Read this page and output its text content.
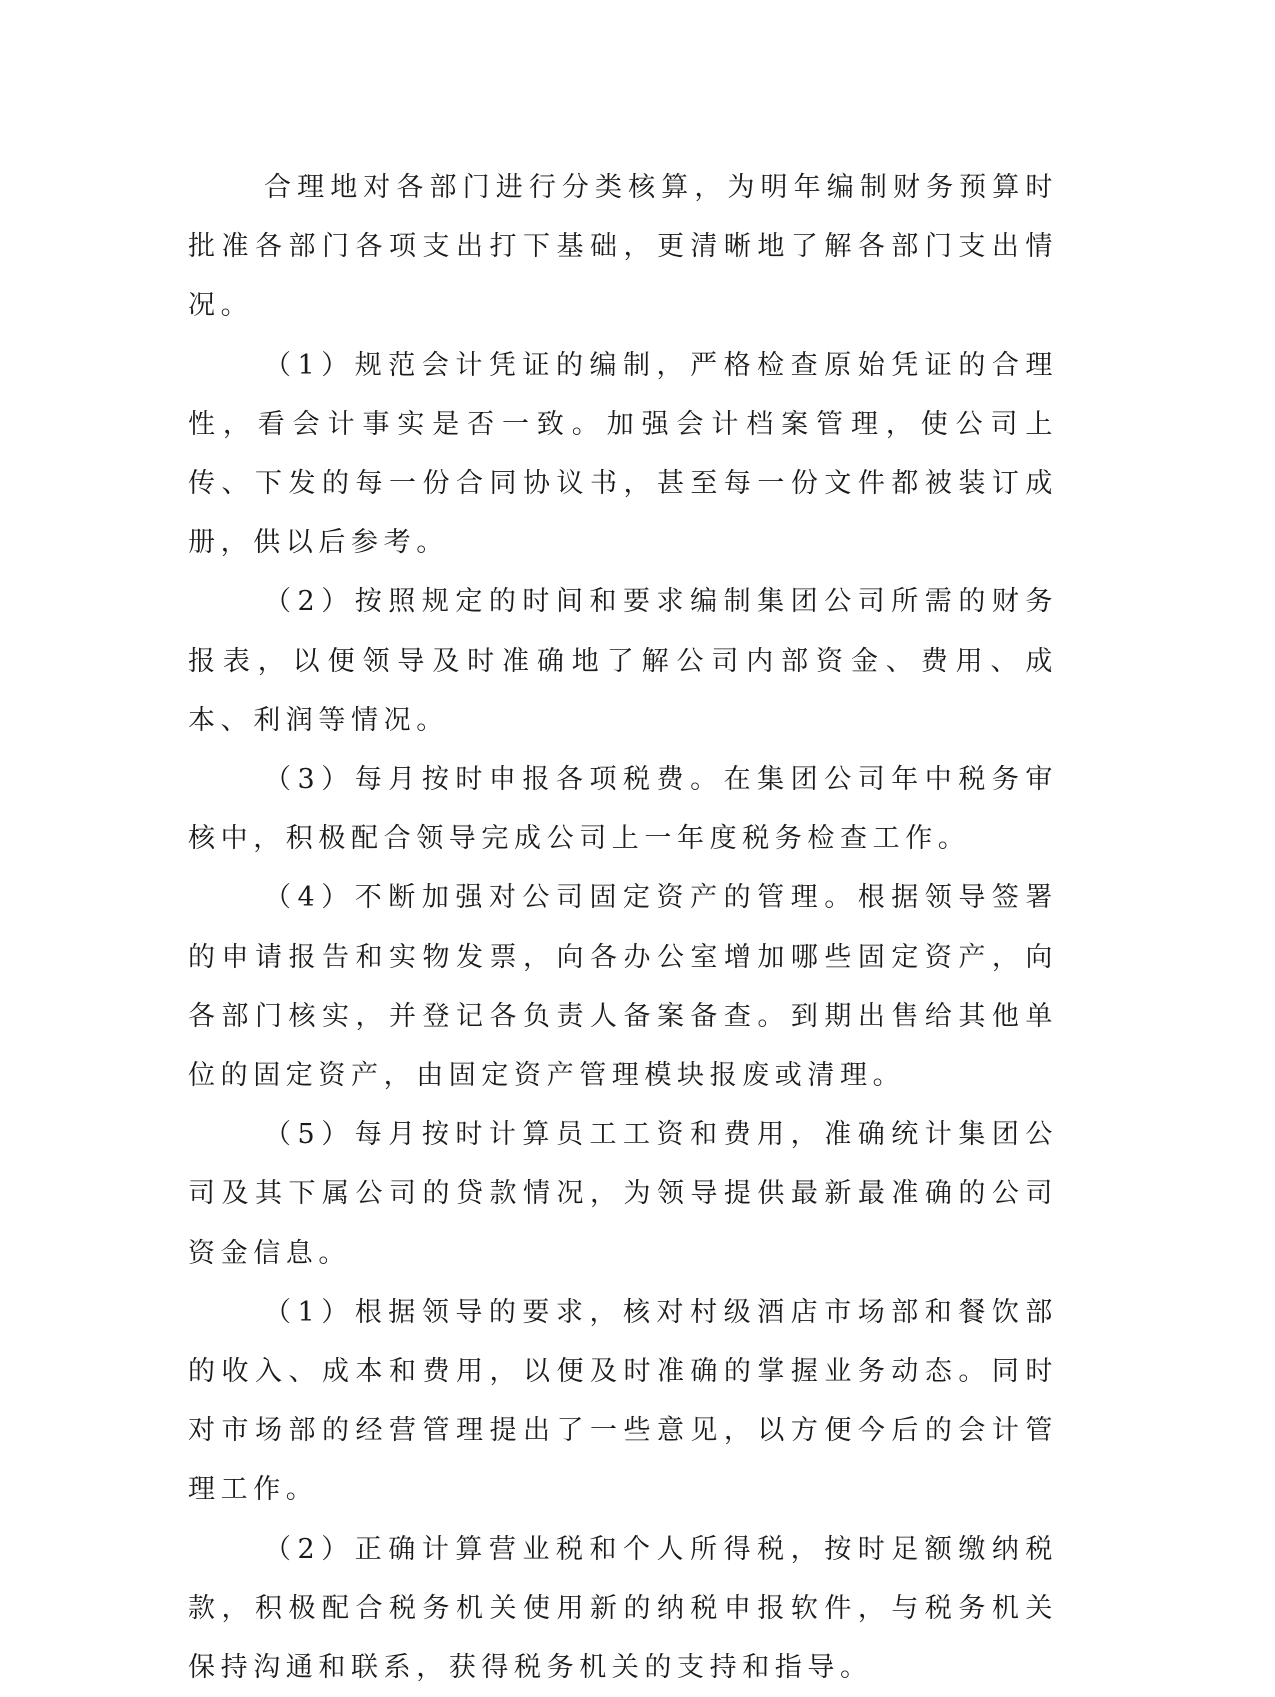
合理地对各部门进行分类核算，为明年编制财务预算时批准各部门各项支出打下基础，更清晰地了解各部门支出情况。

（1）规范会计凭证的编制，严格检查原始凭证的合理性，看会计事实是否一致。加强会计档案管理，使公司上传、下发的每一份合同协议书，甚至每一份文件都被装订成册，供以后参考。

（2）按照规定的时间和要求编制集团公司所需的财务报表，以便领导及时准确地了解公司内部资金、费用、成本、利润等情况。

（3）每月按时申报各项税费。在集团公司年中税务审核中，积极配合领导完成公司上一年度税务检查工作。

（4）不断加强对公司固定资产的管理。根据领导签署的申请报告和实物发票，向各办公室增加哪些固定资产，向各部门核实，并登记各负责人备案备查。到期出售给其他单位的固定资产，由固定资产管理模块报废或清理。

（5）每月按时计算员工工资和费用，准确统计集团公司及其下属公司的贷款情况，为领导提供最新最准确的公司资金信息。

（1）根据领导的要求，核对村级酒店市场部和餐饮部的收入、成本和费用，以便及时准确的掌握业务动态。同时对市场部的经营管理提出了一些意见，以方便今后的会计管理工作。

（2）正确计算营业税和个人所得税，按时足额缴纳税款，积极配合税务机关使用新的纳税申报软件，与税务机关保持沟通和联系，获得税务机关的支持和指导。
